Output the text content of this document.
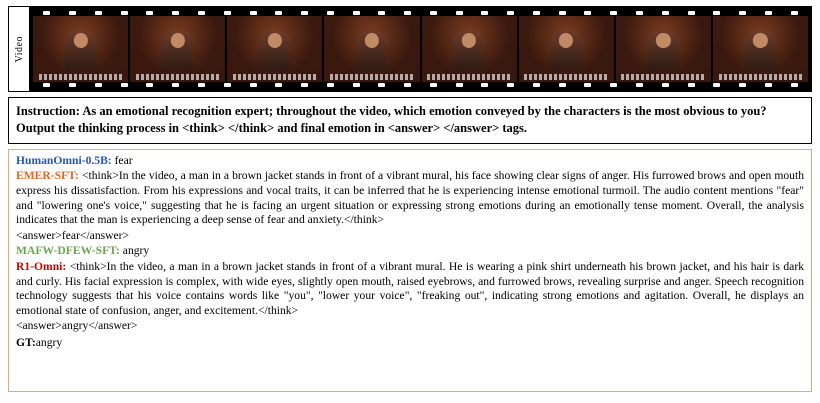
Video
Instruction: As an emotional recognition expert; throughout the video, which emotion conveyed by the characters is the most obvious to you? Output the thinking process in <think> </think> and final emotion in <answer> </answer> tags.

HumanOmni-0.5B: fear

EMER-SFT: <think>In the video, a man in a brown jacket stands in front of a vibrant mural, his face showing clear signs of anger. His furrowed brows and open mouth express his dissatisfaction. From his expressions and vocal traits, it can be inferred that he is experiencing intense emotional turmoil. The audio content mentions "fear" and "lowering one's voice," suggesting that he is facing an urgent situation or expressing strong emotions during an emotionally tense moment. Overall, the analysis indicates that the man is experiencing a deep sense of fear and anxiety.</think>

<answer>fear</answer>

MAFW-DFEW-SFT: angry

R1-Omni: <think>In the video, a man in a brown jacket stands in front of a vibrant mural. He is wearing a pink shirt underneath his brown jacket, and his hair is dark and curly. His facial expression is complex, with wide eyes, slightly open mouth, raised eyebrows, and furrowed brows, revealing surprise and anger. Speech recognition technology suggests that his voice contains words like "you", "lower your voice", "freaking out", indicating strong emotions and agitation. Overall, he displays an emotional state of confusion, anger, and excitement.</think>

<answer>angry</answer>

GT:angry
